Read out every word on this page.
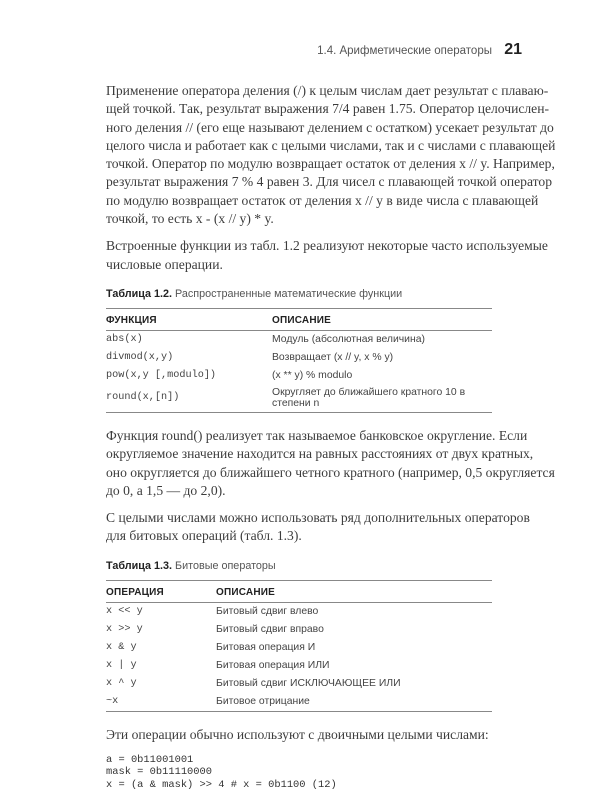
1.4. Арифметические операторы 21
Применение оператора деления (/) к целым числам дает результат с плаваю-
щей точкой. Так, результат выражения 7/4 равен 1.75. Оператор целочислен-
ного деления // (его еще называют делением с остатком) усекает результат до
целого числа и работает как с целыми числами, так и с числами с плавающей
точкой. Оператор по модулю возвращает остаток от деления x // y. Например,
результат выражения 7 % 4 равен 3. Для чисел с плавающей точкой оператор
по модулю возвращает остаток от деления x // y в виде числа с плавающей
точкой, то есть x - (x // y) * y.
Встроенные функции из табл. 1.2 реализуют некоторые часто используемые
числовые операции.
Таблица 1.2. Распространенные математические функции
ФУНКЦИЯ	ОПИСАНИЕ
abs(x)	Модуль (абсолютная величина)
divmod(x,y)	Возвращает (x // y, x % y)
pow(x,y [,modulo])	(x ** y) % modulo
round(x,[n])	Округляет до ближайшего кратного 10 в степени n
Функция round() реализует так называемое банковское округление. Если
округляемое значение находится на равных расстояниях от двух кратных,
оно округляется до ближайшего четного кратного (например, 0,5 округляется
до 0, а 1,5 — до 2,0).
С целыми числами можно использовать ряд дополнительных операторов
для битовых операций (табл. 1.3).
Таблица 1.3. Битовые операторы
ОПЕРАЦИЯ	ОПИСАНИЕ
x << y	Битовый сдвиг влево
x >> y	Битовый сдвиг вправо
x & y	Битовая операция И
x | y	Битовая операция ИЛИ
x ^ y	Битовый сдвиг ИСКЛЮЧАЮЩЕЕ ИЛИ
~x	Битовое отрицание
Эти операции обычно используют с двоичными целыми числами:
a = 0b11001001
mask = 0b11110000
x = (a & mask) >> 4 # x = 0b1100 (12)
